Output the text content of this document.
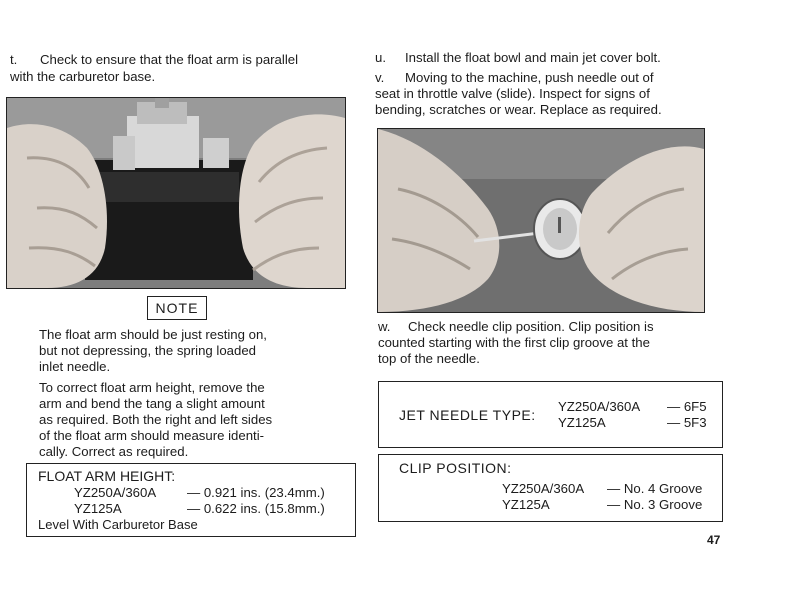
t. Check to ensure that the float arm is parallel
with the carburetor base.
NOTE
The float arm should be just resting on,
but not depressing, the spring loaded
inlet needle.
To correct float arm height, remove the
arm and bend the tang a slight amount
as required. Both the right and left sides
of the float arm should measure identi-
cally. Correct as required.
FLOAT ARM HEIGHT:
YZ250A/360A — 0.921 ins. (23.4mm.)
YZ125A	— 0.622 ins. (15.8mm.)
Level With Carburetor Base
u. Install the float bowl and main jet cover bolt.
v. Moving to the machine, push needle out of
seat in throttle valve (slide). Inspect for signs of
bending, scratches or wear. Replace as required.
w. Check needle clip position. Clip position is
counted starting with the first clip groove at the
top of the needle.
JET NEEDLE TYPE:
YZ250A/360A — 6F5
YZ125A	— 5F3
CLIP POSITION:
YZ250A/360A — No. 4 Groove
YZ125A	— No. 3 Groove
47
